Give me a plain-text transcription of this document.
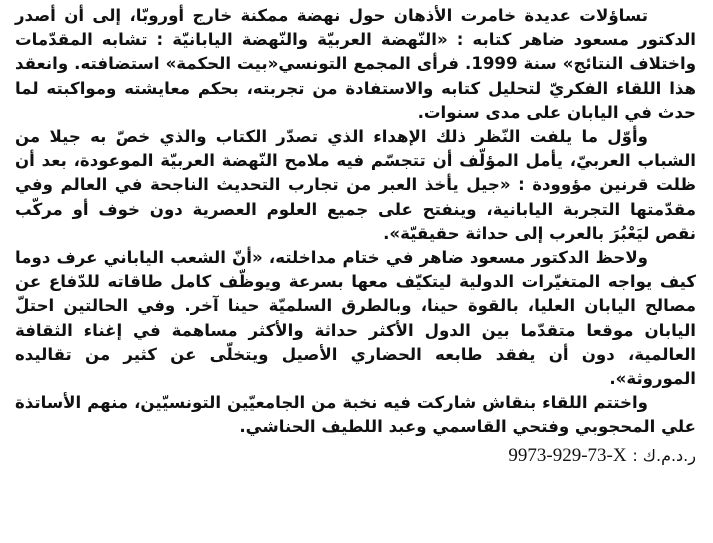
تساؤلات عديدة خامرت الأذهان حول نهضة ممكنة خارج أوروبّا، إلى أن أصدر الدكتور مسعود ضاهر كتابه : «النّهضة العربيّة والنّهضة اليابانيّة : تشابه المقدّمات واختلاف النتائج» سنة 1999. فرأى المجمع التونسي«بيت الحكمة» استضافته. وانعقد هذا اللقاء الفكريّ لتحليل كتابه والاستفادة من تجربته، بحكم معايشته ومواكبته لما حدث في اليابان على مدى سنوات.

وأوّل ما يلفت النّظر ذلك الإهداء الذي تصدّر الكتاب والذي خصّ به جيلا من الشباب العربيّ، يأمل المؤلّف أن تتجسّم فيه ملامح النّهضة العربيّة الموعودة، بعد أن ظلت قرنين مؤوودة : «جيل يأخذ العبر من تجارب التحديث الناجحة في العالم وفي مقدّمتها التجربة اليابانية، وينفتح على جميع العلوم العصرية دون خوف أو مركّب نقص ليَعْبُرَ بالعرب إلى حداثة حقيقيّة».

ولاحظ الدكتور مسعود ضاهر في ختام مداخلته، «أنّ الشعب الياباني عرف دوما كيف يواجه المتغيّرات الدولية ليتكيّف معها بسرعة ويوظّف كامل طاقاته للدّفاع عن مصالح اليابان العليا، بالقوة حينا، وبالطرق السلميّة حينا آخر. وفي الحالتين احتلّ اليابان موقعا متقدّما بين الدول الأكثر حداثة والأكثر مساهمة في إغناء الثقافة العالمية، دون أن يفقد طابعه الحضاري الأصيل ويتخلّى عن كثير من تقاليده الموروثة».

واختتم اللقاء بنقاش شاركت فيه نخبة من الجامعيّين التونسيّين، منهم الأساتذة علي المحجوبي وفتحي القاسمي وعبد اللطيف الحناشي.

ر.د.م.ك : 9973-929-73-X
